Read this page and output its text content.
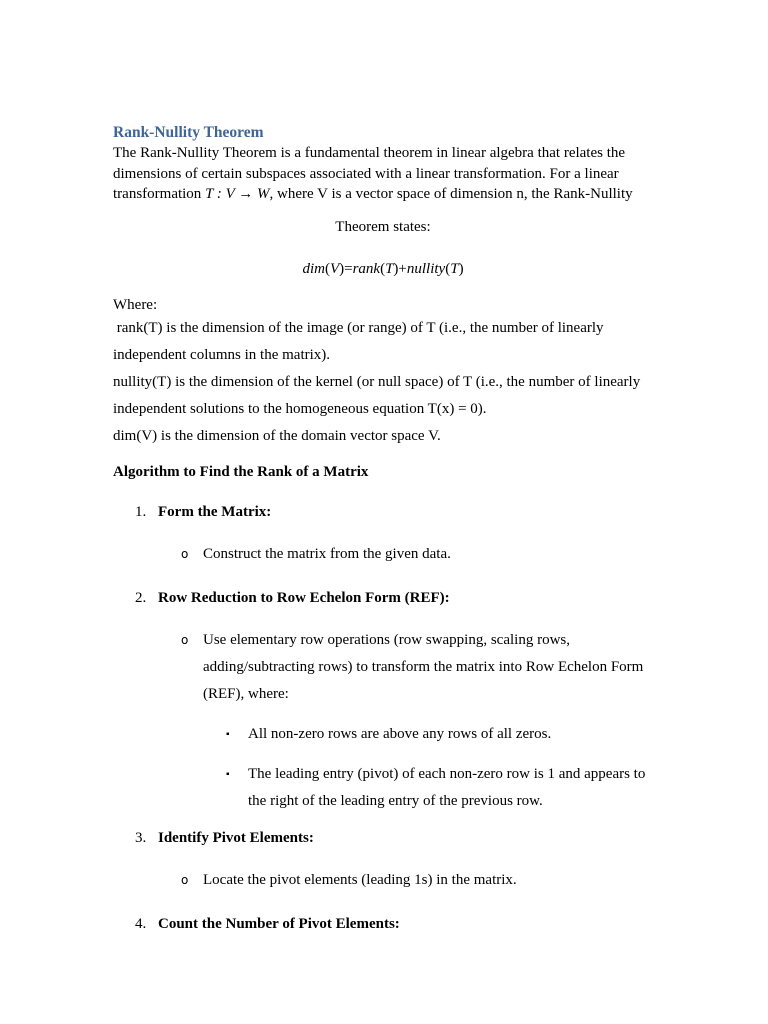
Rank-Nullity Theorem

The Rank-Nullity Theorem is a fundamental theorem in linear algebra that relates the
dimensions of certain subspaces associated with a linear transformation. For a linear
transformation T : V → W, where V is a vector space of dimension n, the Rank-Nullity

Theorem states:
dim(V)=rank(T)+nullity(T)
Where:
rank(T) is the dimension of the image (or range) of T (i.e., the number of linearly
independent columns in the matrix).
nullity(T) is the dimension of the kernel (or null space) of T (i.e., the number of linearly
independent solutions to the homogeneous equation T(x) = 0).
dim(V) is the dimension of the domain vector space V.
Algorithm to Find the Rank of a Matrix
1. Form the Matrix:
o Construct the matrix from the given data.
2. Row Reduction to Row Echelon Form (REF):
o Use elementary row operations (row swapping, scaling rows,
adding/subtracting rows) to transform the matrix into Row Echelon Form
(REF), where:
▪ All non-zero rows are above any rows of all zeros.
▪ The leading entry (pivot) of each non-zero row is 1 and appears to
the right of the leading entry of the previous row.
3. Identify Pivot Elements:
o Locate the pivot elements (leading 1s) in the matrix.
4. Count the Number of Pivot Elements:
